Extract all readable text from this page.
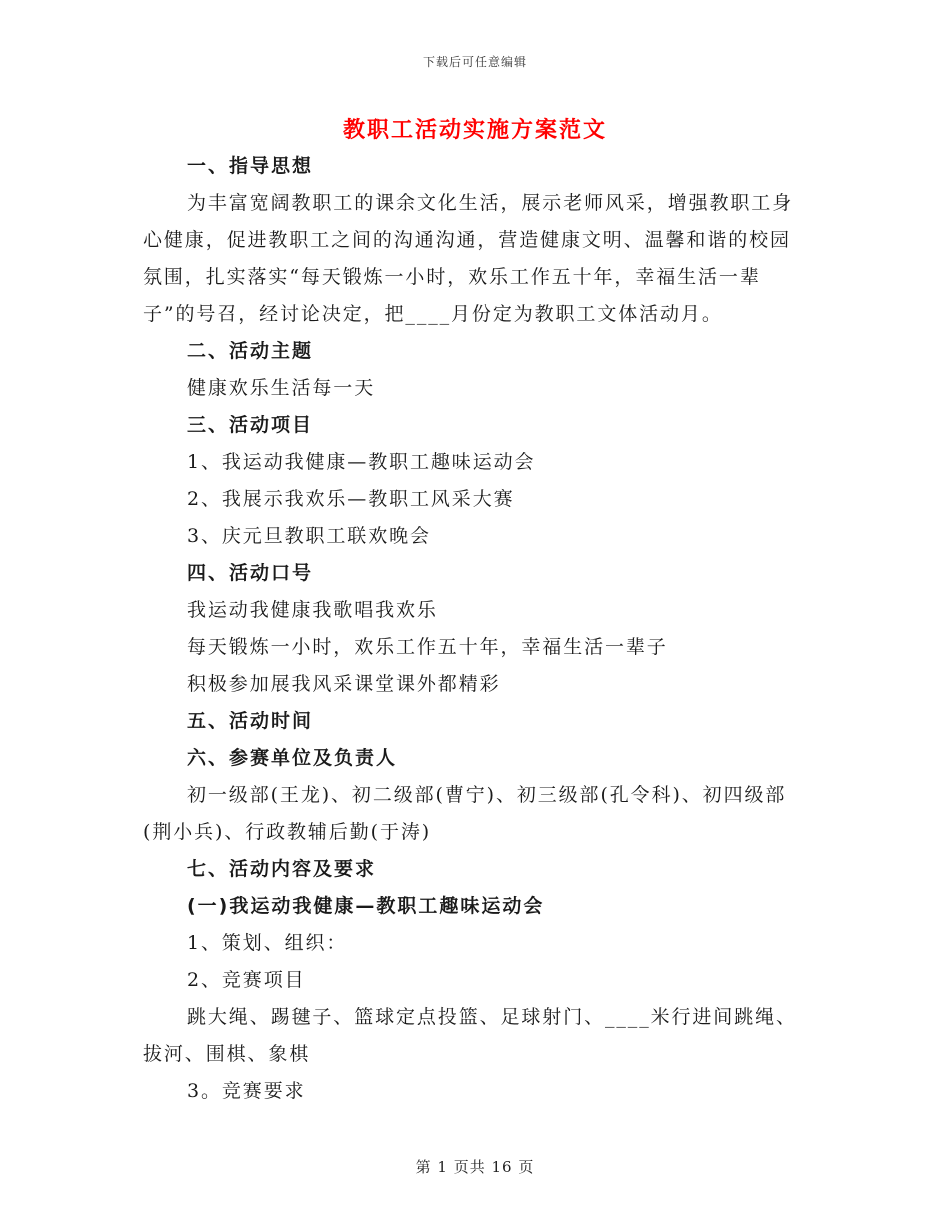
下载后可任意编辑
教职工活动实施方案范文

一、指导思想

为丰富宽阔教职工的课余文化生活，展示老师风采，增强教职工身心健康，促进教职工之间的沟通沟通，营造健康文明、温馨和谐的校园氛围，扎实落实“每天锻炼一小时，欢乐工作五十年，幸福生活一辈子”的号召，经讨论决定，把____月份定为教职工文体活动月。

二、活动主题

健康欢乐生活每一天

三、活动项目

1、我运动我健康—教职工趣味运动会

2、我展示我欢乐—教职工风采大赛

3、庆元旦教职工联欢晚会

四、活动口号

我运动我健康我歌唱我欢乐

每天锻炼一小时，欢乐工作五十年，幸福生活一辈子

积极参加展我风采课堂课外都精彩

五、活动时间

六、参赛单位及负责人

初一级部(王龙)、初二级部(曹宁)、初三级部(孔令科)、初四级部(荆小兵)、行政教辅后勤(于涛)

七、活动内容及要求

(一)我运动我健康—教职工趣味运动会

1、策划、组织：

2、竞赛项目

跳大绳、踢毽子、篮球定点投篮、足球射门、____米行进间跳绳、拔河、围棋、象棋

3。竞赛要求

第 1 页共 16 页
